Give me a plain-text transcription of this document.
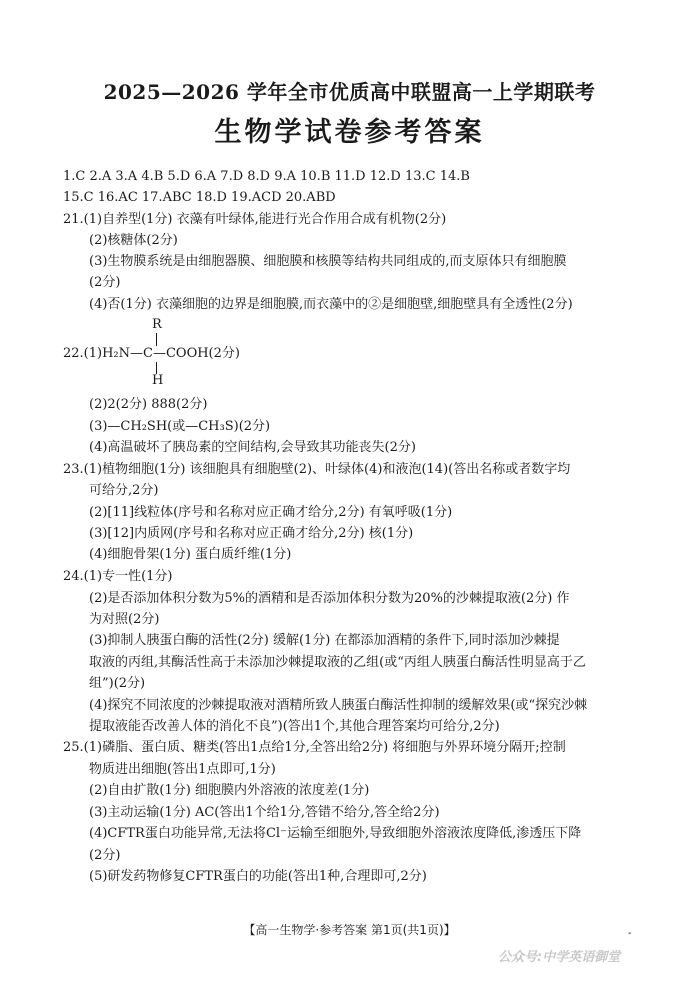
2025—2026 学年全市优质高中联盟高一上学期联考
生物学试卷参考答案
1.C 2.A 3.A 4.B 5.D 6.A 7.D 8.D 9.A 10.B 11.D 12.D 13.C 14.B
15.C 16.AC 17.ABC 18.D 19.ACD 20.ABD
21.(1)自养型(1分) 衣藻有叶绿体,能进行光合作用合成有机物(2分)
(2)核糖体(2分)
(3)生物膜系统是由细胞器膜、细胞膜和核膜等结构共同组成的,而支原体只有细胞膜
(2分)
(4)否(1分) 衣藻细胞的边界是细胞膜,而衣藻中的②是细胞壁,细胞壁具有全透性(2分)
R
22.(1)H₂N—C—COOH(2分)
H
(2)2(2分) 888(2分)
(3)—CH₂SH(或—CH₃S)(2分)
(4)高温破坏了胰岛素的空间结构,会导致其功能丧失(2分)
23.(1)植物细胞(1分) 该细胞具有细胞壁(2)、叶绿体(4)和液泡(14)(答出名称或者数字均
可给分,2分)
(2)[11]线粒体(序号和名称对应正确才给分,2分) 有氧呼吸(1分)
(3)[12]内质网(序号和名称对应正确才给分,2分) 核(1分)
(4)细胞骨架(1分) 蛋白质纤维(1分)
24.(1)专一性(1分)
(2)是否添加体积分数为5%的酒精和是否添加体积分数为20%的沙棘提取液(2分) 作
为对照(2分)
(3)抑制人胰蛋白酶的活性(2分) 缓解(1分) 在都添加酒精的条件下,同时添加沙棘提
取液的丙组,其酶活性高于未添加沙棘提取液的乙组(或“丙组人胰蛋白酶活性明显高于乙
组”)(2分)
(4)探究不同浓度的沙棘提取液对酒精所致人胰蛋白酶活性抑制的缓解效果(或“探究沙棘
提取液能否改善人体的消化不良”)(答出1个,其他合理答案均可给分,2分)
25.(1)磷脂、蛋白质、糖类(答出1点给1分,全答出给2分) 将细胞与外界环境分隔开;控制
物质进出细胞(答出1点即可,1分)
(2)自由扩散(1分) 细胞膜内外溶液的浓度差(1分)
(3)主动运输(1分) AC(答出1个给1分,答错不给分,答全给2分)
(4)CFTR蛋白功能异常,无法将Cl⁻运输至细胞外,导致细胞外溶液浓度降低,渗透压下降
(2分)
(5)研发药物修复CFTR蛋白的功能(答出1种,合理即可,2分)
【高一生物学·参考答案 第1页(共1页)】	-
公众号:中学英语御堂
